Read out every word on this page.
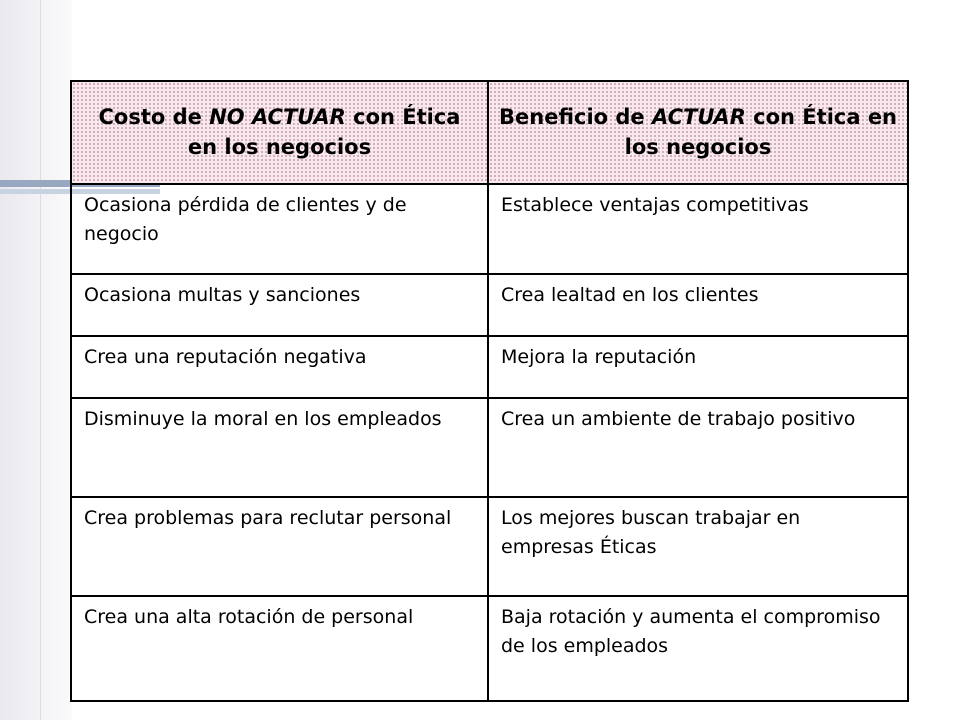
Costo de NO ACTUAR con Ética en los negocios	Beneficio de ACTUAR con Ética en los negocios
Ocasiona pérdida de clientes y de negocio	Establece ventajas competitivas
Ocasiona multas y sanciones	Crea lealtad en los clientes
Crea una reputación negativa	Mejora la reputación
Disminuye la moral en los empleados	Crea un ambiente de trabajo positivo
Crea problemas para reclutar personal	Los mejores buscan trabajar en empresas Éticas
Crea una alta rotación de personal	Baja rotación y aumenta el compromiso de los empleados
